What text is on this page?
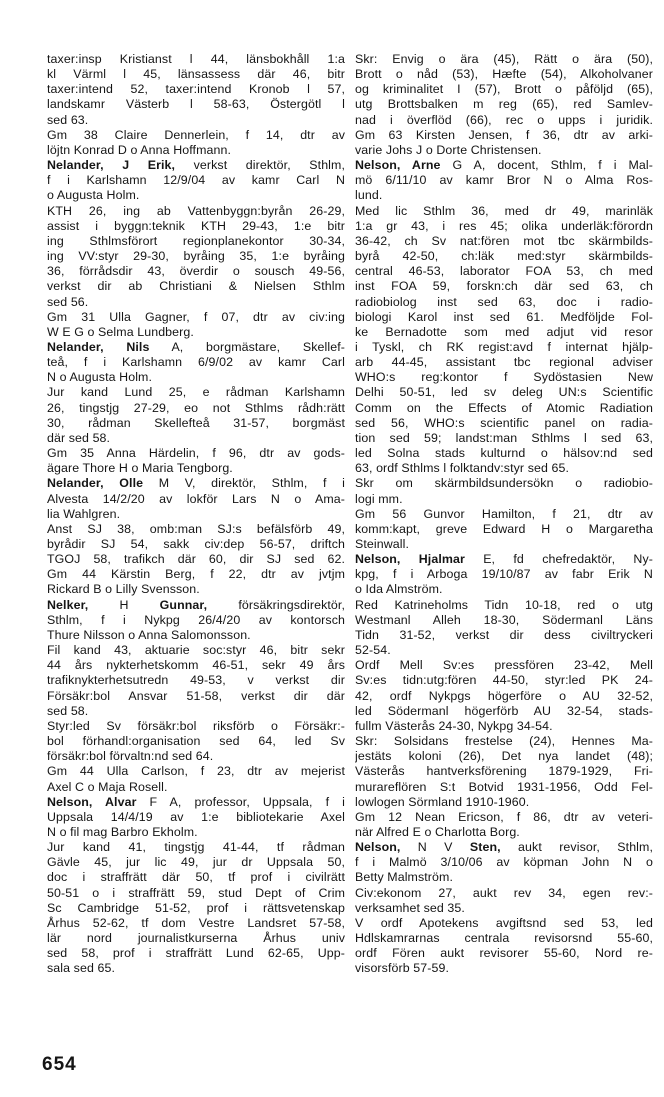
taxer:insp Kristianst l 44, länsbokhåll 1:a
kl Värml l 45, länsassess där 46, bitr
taxer:intend 52, taxer:intend Kronob l 57,
landskamr Västerb l 58-63, Östergötl l
sed 63.
Gm 38 Claire Dennerlein, f 14, dtr av
löjtn Konrad D o Anna Hoffmann.
Nelander, J Erik, verkst direktör, Sthlm,
f i Karlshamn 12/9/04 av kamr Carl N
o Augusta Holm.
KTH 26, ing ab Vattenbyggn:byrån 26-29,
assist i byggn:teknik KTH 29-43, 1:e bitr
ing Sthlmsförort regionplanekontor 30-34,
ing VV:styr 29-30, byråing 35, 1:e byråing
36, förrådsdir 43, överdir o sousch 49-56,
verkst dir ab Christiani & Nielsen Sthlm
sed 56.
Gm 31 Ulla Gagner, f 07, dtr av civ:ing
W E G o Selma Lundberg.
Nelander, Nils A, borgmästare, Skellef-
teå, f i Karlshamn 6/9/02 av kamr Carl
N o Augusta Holm.
Jur kand Lund 25, e rådman Karlshamn
26, tingstjg 27-29, eo not Sthlms rådh:rätt
30, rådman Skellefteå 31-57, borgmäst
där sed 58.
Gm 35 Anna Härdelin, f 96, dtr av gods-
ägare Thore H o Maria Tengborg.
Nelander, Olle M V, direktör, Sthlm, f i
Alvesta 14/2/20 av lokför Lars N o Ama-
lia Wahlgren.
Anst SJ 38, omb:man SJ:s befälsförb 49,
byrådir SJ 54, sakk civ:dep 56-57, driftch
TGOJ 58, trafikch där 60, dir SJ sed 62.
Gm 44 Kärstin Berg, f 22, dtr av jvtjm
Rickard B o Lilly Svensson.
Nelker, H Gunnar, försäkringsdirektör,
Sthlm, f i Nykpg 26/4/20 av kontorsch
Thure Nilsson o Anna Salomonsson.
Fil kand 43, aktuarie soc:styr 46, bitr sekr
44 års nykterhetskomm 46-51, sekr 49 års
trafiknykterhetsutredn 49-53, v verkst dir
Försäkr:bol Ansvar 51-58, verkst dir där
sed 58.
Styr:led Sv försäkr:bol riksförb o Försäkr:-
bol förhandl:organisation sed 64, led Sv
försäkr:bol förvaltn:nd sed 64.
Gm 44 Ulla Carlson, f 23, dtr av mejerist
Axel C o Maja Rosell.
Nelson, Alvar F A, professor, Uppsala, f i
Uppsala 14/4/19 av 1:e bibliotekarie Axel
N o fil mag Barbro Ekholm.
Jur kand 41, tingstjg 41-44, tf rådman
Gävle 45, jur lic 49, jur dr Uppsala 50,
doc i straffrätt där 50, tf prof i civilrätt
50-51 o i straffrätt 59, stud Dept of Crim
Sc Cambridge 51-52, prof i rättsvetenskap
Århus 52-62, tf dom Vestre Landsret 57-58,
lär nord journalistkurserna Århus univ
sed 58, prof i straffrätt Lund 62-65, Upp-
sala sed 65.
Skr: Envig o ära (45), Rätt o ära (50),
Brott o nåd (53), Hæfte (54), Alkoholvaner
og kriminalitet I (57), Brott o påföljd (65),
utg Brottsbalken m reg (65), red Samlev-
nad i överflöd (66), rec o upps i juridik.
Gm 63 Kirsten Jensen, f 36, dtr av arki-
varie Johs J o Dorte Christensen.
Nelson, Arne G A, docent, Sthlm, f i Mal-
mö 6/11/10 av kamr Bror N o Alma Ros-
lund.
Med lic Sthlm 36, med dr 49, marinläk
1:a gr 43, i res 45; olika underläk:förordn
36-42, ch Sv nat:fören mot tbc skärmbilds-
byrå 42-50, ch:läk med:styr skärmbilds-
central 46-53, laborator FOA 53, ch med
inst FOA 59, forskn:ch där sed 63, ch
radiobiolog inst sed 63, doc i radio-
biologi Karol inst sed 61. Medföljde Fol-
ke Bernadotte som med adjut vid resor
i Tyskl, ch RK regist:avd f internat hjälp-
arb 44-45, assistant tbc regional adviser
WHO:s reg:kontor f Sydöstasien New
Delhi 50-51, led sv deleg UN:s Scientific
Comm on the Effects of Atomic Radiation
sed 56, WHO:s scientific panel on radia-
tion sed 59; landst:man Sthlms l sed 63,
led Solna stads kulturnd o hälsov:nd sed
63, ordf Sthlms l folktandv:styr sed 65.
Skr om skärmbildsundersökn o radiobio-
logi mm.
Gm 56 Gunvor Hamilton, f 21, dtr av
komm:kapt, greve Edward H o Margaretha
Steinwall.
Nelson, Hjalmar E, fd chefredaktör, Ny-
kpg, f i Arboga 19/10/87 av fabr Erik N
o Ida Almström.
Red Katrineholms Tidn 10-18, red o utg
Westmanl Alleh 18-30, Södermanl Läns
Tidn 31-52, verkst dir dess civiltryckeri
52-54.
Ordf Mell Sv:es pressfören 23-42, Mell
Sv:es tidn:utg:fören 44-50, styr:led PK 24-
42, ordf Nykpgs högerföre o AU 32-52,
led Södermanl högerförb AU 32-54, stads-
fullm Västerås 24-30, Nykpg 34-54.
Skr: Solsidans frestelse (24), Hennes Ma-
jestäts koloni (26), Det nya landet (48);
Västerås hantverksförening 1879-1929, Fri-
murareflören S:t Botvid 1931-1956, Odd Fel-
lowlogen Sörmland 1910-1960.
Gm 12 Nean Ericson, f 86, dtr av veteri-
när Alfred E o Charlotta Borg.
Nelson, N V Sten, aukt revisor, Sthlm,
f i Malmö 3/10/06 av köpman John N o
Betty Malmström.
Civ:ekonom 27, aukt rev 34, egen rev:-
verksamhet sed 35.
V ordf Apotekens avgiftsnd sed 53, led
Hdlskamrarnas centrala revisorsnd 55-60,
ordf Fören aukt revisorer 55-60, Nord re-
visorsförb 57-59.
654
